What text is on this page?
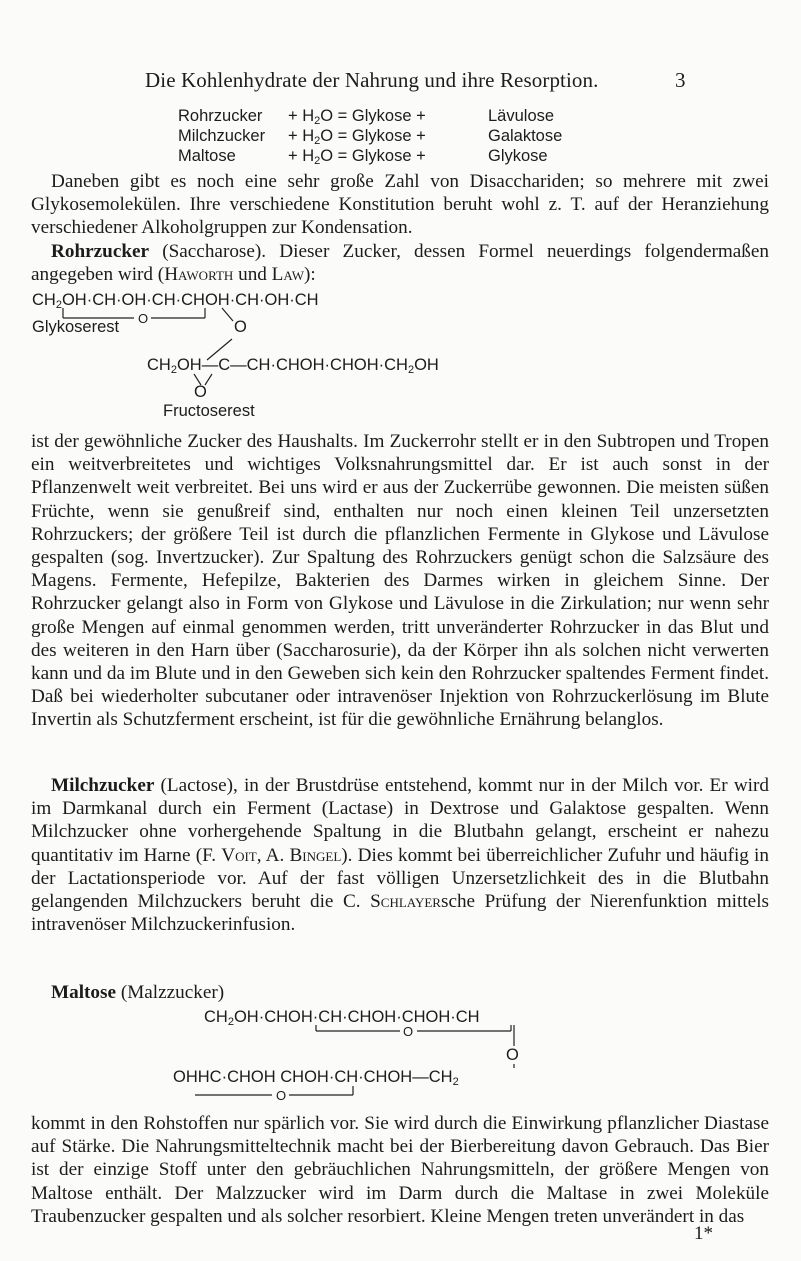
Die Kohlenhydrate der Nahrung und ihre Resorption.	3
Rohrzucker	+ $H_2O$ = Glykose +	Lävulose
Milchzucker	+ $H_2O$ = Glykose +	Galaktose
Maltose	+ $H_2O$ = Glykose +	Glykose

Daneben gibt es noch eine sehr große Zahl von Disacchariden; so mehrere mit zwei Glykosemolekülen. Ihre verschiedene Konstitution beruht wohl z. T. auf der Heranziehung verschiedener Alkoholgruppen zur Kondensation.

Rohrzucker (Saccharose). Dieser Zucker, dessen Formel neuerdings folgendermaßen angegeben wird (Haworth und Law):

$CH_2OH\cdot CH\cdot OH\cdot CH\cdot CHOH\cdot CH\cdot OH\cdot CH$
O
Glykoserest	O
$CH_2OH—C—CH\cdot CHOH\cdot CHOH\cdot CH_2OH$
O
Fructoserest

ist der gewöhnliche Zucker des Haushalts. Im Zuckerrohr stellt er in den Subtropen und Tropen ein weitverbreitetes und wichtiges Volksnahrungsmittel dar. Er ist auch sonst in der Pflanzenwelt weit verbreitet. Bei uns wird er aus der Zuckerrübe gewonnen. Die meisten süßen Früchte, wenn sie genußreif sind, enthalten nur noch einen kleinen Teil unzersetzten Rohrzuckers; der größere Teil ist durch die pflanzlichen Fermente in Glykose und Lävulose gespalten (sog. Invertzucker). Zur Spaltung des Rohrzuckers genügt schon die Salzsäure des Magens. Fermente, Hefepilze, Bakterien des Darmes wirken in gleichem Sinne. Der Rohrzucker gelangt also in Form von Glykose und Lävulose in die Zirkulation; nur wenn sehr große Mengen auf einmal genommen werden, tritt unveränderter Rohrzucker in das Blut und des weiteren in den Harn über (Saccharosurie), da der Körper ihn als solchen nicht verwerten kann und da im Blute und in den Geweben sich kein den Rohrzucker spaltendes Ferment findet. Daß bei wiederholter subcutaner oder intravenöser Injektion von Rohrzuckerlösung im Blute Invertin als Schutzferment erscheint, ist für die gewöhnliche Ernährung belanglos.

Milchzucker (Lactose), in der Brustdrüse entstehend, kommt nur in der Milch vor. Er wird im Darmkanal durch ein Ferment (Lactase) in Dextrose und Galaktose gespalten. Wenn Milchzucker ohne vorhergehende Spaltung in die Blutbahn gelangt, erscheint er nahezu quantitativ im Harne (F. Voit, A. Bingel). Dies kommt bei überreichlicher Zufuhr und häufig in der Lactationsperiode vor. Auf der fast völligen Unzersetzlichkeit des in die Blutbahn gelangenden Milchzuckers beruht die C. Schlayersche Prüfung der Nierenfunktion mittels intravenöser Milchzuckerinfusion.

Maltose (Malzzucker)

$CH_2OH\cdot CHOH\cdot CH\cdot CHOH\cdot CHOH\cdot CH$
O
O
OHHC·CHOH $CHOH\cdot CH\cdot CHOH—CH_2$
O

kommt in den Rohstoffen nur spärlich vor. Sie wird durch die Einwirkung pflanzlicher Diastase auf Stärke. Die Nahrungsmitteltechnik macht bei der Bierbereitung davon Gebrauch. Das Bier ist der einzige Stoff unter den gebräuchlichen Nahrungsmitteln, der größere Mengen von Maltose enthält. Der Malzzucker wird im Darm durch die Maltase in zwei Moleküle Traubenzucker gespalten und als solcher resorbiert. Kleine Mengen treten unverändert in das

1*
